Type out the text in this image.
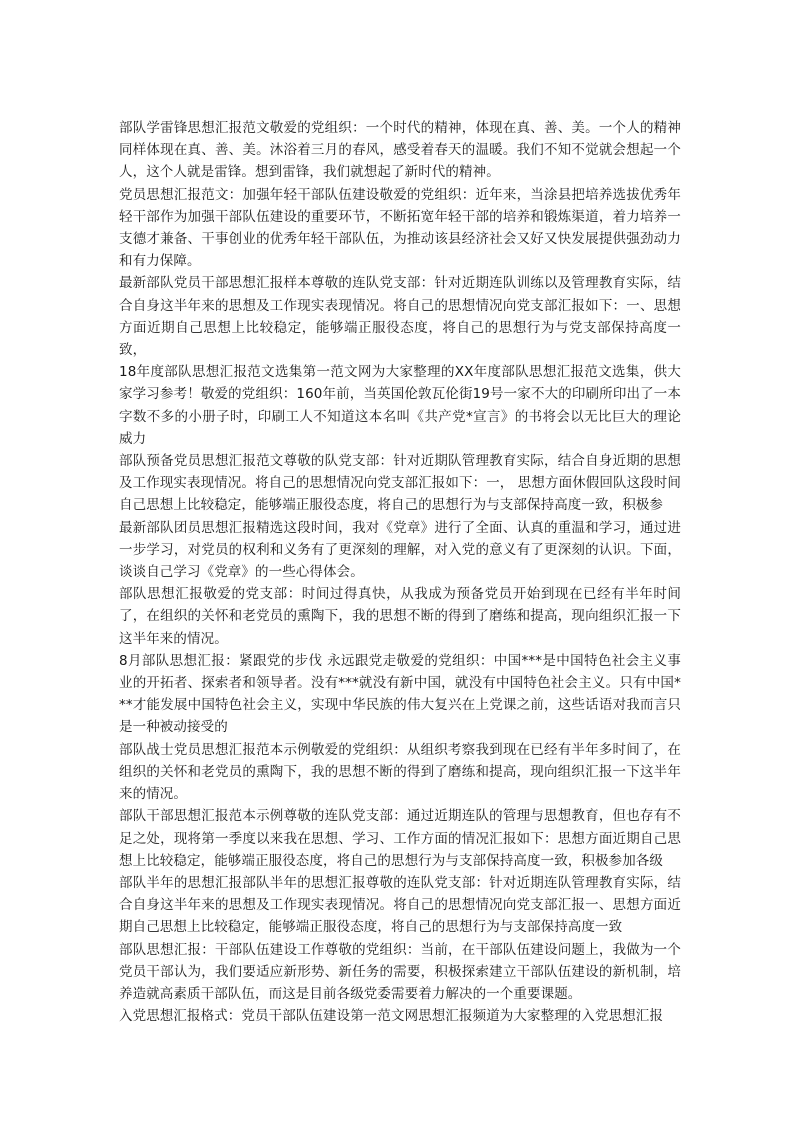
部队学雷锋思想汇报范文敬爱的党组织：一个时代的精神，体现在真、善、美。一个人的精神同样体现在真、善、美。沐浴着三月的春风，感受着春天的温暖。我们不知不觉就会想起一个人，这个人就是雷锋。想到雷锋，我们就想起了新时代的精神。

党员思想汇报范文：加强年轻干部队伍建设敬爱的党组织：近年来，当涂县把培养选拔优秀年轻干部作为加强干部队伍建设的重要环节，不断拓宽年轻干部的培养和锻炼渠道，着力培养一支德才兼备、干事创业的优秀年轻干部队伍，为推动该县经济社会又好又快发展提供强劲动力和有力保障。

最新部队党员干部思想汇报样本尊敬的连队党支部：针对近期连队训练以及管理教育实际，结合自身这半年来的思想及工作现实表现情况。将自己的思想情况向党支部汇报如下：一、思想方面近期自己思想上比较稳定，能够端正服役态度，将自己的思想行为与党支部保持高度一致，

18年度部队思想汇报范文选集第一范文网为大家整理的XX年度部队思想汇报范文选集，供大家学习参考！敬爱的党组织：160年前，当英国伦敦瓦伦街19号一家不大的印刷所印出了一本字数不多的小册子时，印刷工人不知道这本名叫《共产党*宣言》的书将会以无比巨大的理论威力

部队预备党员思想汇报范文尊敬的队党支部：针对近期队管理教育实际，结合自身近期的思想及工作现实表现情况。将自己的思想情况向党支部汇报如下：一， 思想方面休假回队这段时间自己思想上比较稳定，能够端正服役态度，将自己的思想行为与支部保持高度一致，积极参

最新部队团员思想汇报精选这段时间，我对《党章》进行了全面、认真的重温和学习，通过进一步学习，对党员的权利和义务有了更深刻的理解，对入党的意义有了更深刻的认识。下面，谈谈自己学习《党章》的一些心得体会。

部队思想汇报敬爱的党支部：时间过得真快，从我成为预备党员开始到现在已经有半年时间了，在组织的关怀和老党员的熏陶下，我的思想不断的得到了磨练和提高，现向组织汇报一下这半年来的情况。

8月部队思想汇报：紧跟党的步伐 永远跟党走敬爱的党组织：中国***是中国特色社会主义事业的开拓者、探索者和领导者。没有***就没有新中国，就没有中国特色社会主义。只有中国***才能发展中国特色社会主义，实现中华民族的伟大复兴在上党课之前，这些话语对我而言只是一种被动接受的

部队战士党员思想汇报范本示例敬爱的党组织：从组织考察我到现在已经有半年多时间了，在组织的关怀和老党员的熏陶下，我的思想不断的得到了磨练和提高，现向组织汇报一下这半年来的情况。

部队干部思想汇报范本示例尊敬的连队党支部：通过近期连队的管理与思想教育，但也存有不足之处，现将第一季度以来我在思想、学习、工作方面的情况汇报如下：思想方面近期自己思想上比较稳定，能够端正服役态度，将自己的思想行为与支部保持高度一致，积极参加各级

部队半年的思想汇报部队半年的思想汇报尊敬的连队党支部：针对近期连队管理教育实际，结合自身这半年来的思想及工作现实表现情况。将自己的思想情况向党支部汇报一、思想方面近期自己思想上比较稳定，能够端正服役态度，将自己的思想行为与支部保持高度一致

部队思想汇报：干部队伍建设工作尊敬的党组织：当前，在干部队伍建设问题上，我做为一个党员干部认为，我们要适应新形势、新任务的需要，积极探索建立干部队伍建设的新机制，培养造就高素质干部队伍，而这是目前各级党委需要着力解决的一个重要课题。

入党思想汇报格式：党员干部队伍建设第一范文网思想汇报频道为大家整理的入党思想汇报
